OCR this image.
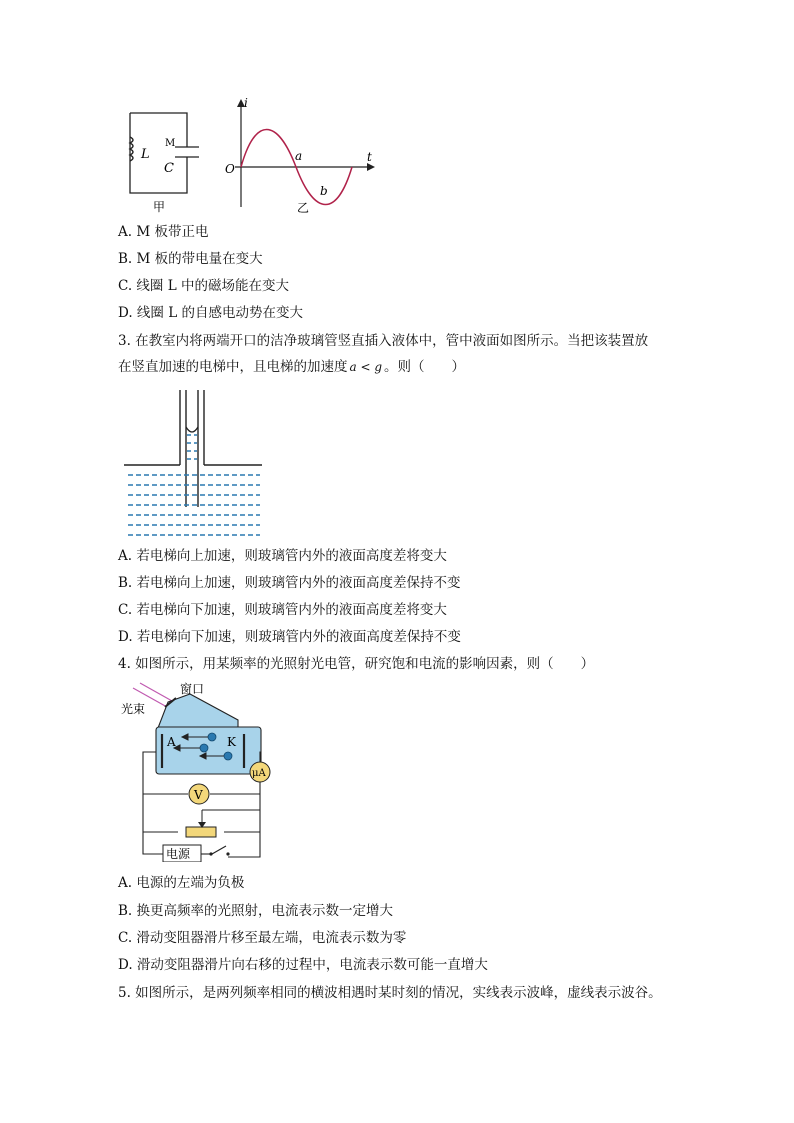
L
M
C
甲
i
t
O
a
b
乙
A. M 板带正电
B. M 板的带电量在变大
C. 线圈 L 中的磁场能在变大
D. 线圈 L 的自感电动势在变大
3. 在教室内将两端开口的洁净玻璃管竖直插入液体中，管中液面如图所示。当把该装置放
在竖直加速的电梯中，且电梯的加速度 a < g 。则（　　）
A. 若电梯向上加速，则玻璃管内外的液面高度差将变大
B. 若电梯向上加速，则玻璃管内外的液面高度差保持不变
C. 若电梯向下加速，则玻璃管内外的液面高度差将变大
D. 若电梯向下加速，则玻璃管内外的液面高度差保持不变
4. 如图所示，用某频率的光照射光电管，研究饱和电流的影响因素，则（　　）
窗口
光束
A	K
μA
V
电源
A. 电源的左端为负极
B. 换更高频率的光照射，电流表示数一定增大
C. 滑动变阻器滑片移至最左端，电流表示数为零
D. 滑动变阻器滑片向右移的过程中，电流表示数可能一直增大
5. 如图所示，是两列频率相同的横波相遇时某时刻的情况，实线表示波峰，虚线表示波谷。
